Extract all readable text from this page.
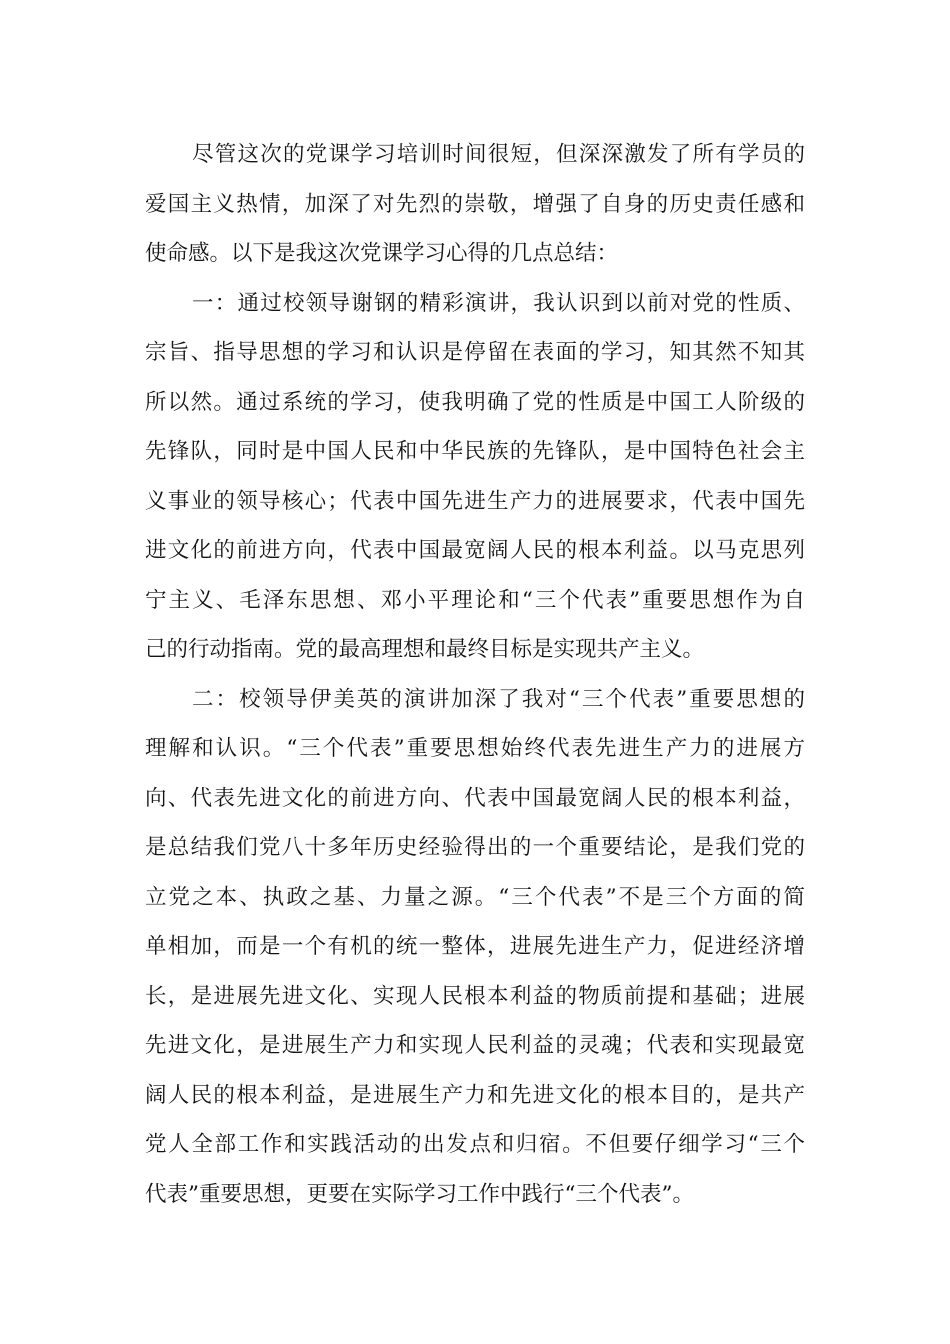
尽管这次的党课学习培训时间很短，但深深激发了所有学员的
爱国主义热情，加深了对先烈的崇敬，增强了自身的历史责任感和
使命感。以下是我这次党课学习心得的几点总结：
一：通过校领导谢钢的精彩演讲，我认识到以前对党的性质、
宗旨、指导思想的学习和认识是停留在表面的学习，知其然不知其
所以然。通过系统的学习，使我明确了党的性质是中国工人阶级的
先锋队，同时是中国人民和中华民族的先锋队，是中国特色社会主
义事业的领导核心；代表中国先进生产力的进展要求，代表中国先
进文化的前进方向，代表中国最宽阔人民的根本利益。以马克思列
宁主义、毛泽东思想、邓小平理论和“三个代表”重要思想作为自
己的行动指南。党的最高理想和最终目标是实现共产主义。
二：校领导伊美英的演讲加深了我对“三个代表”重要思想的
理解和认识。“三个代表”重要思想始终代表先进生产力的进展方
向、代表先进文化的前进方向、代表中国最宽阔人民的根本利益，
是总结我们党八十多年历史经验得出的一个重要结论，是我们党的
立党之本、执政之基、力量之源。“三个代表”不是三个方面的简
单相加，而是一个有机的统一整体，进展先进生产力，促进经济增
长，是进展先进文化、实现人民根本利益的物质前提和基础；进展
先进文化，是进展生产力和实现人民利益的灵魂；代表和实现最宽
阔人民的根本利益，是进展生产力和先进文化的根本目的，是共产
党人全部工作和实践活动的出发点和归宿。不但要仔细学习“三个
代表”重要思想，更要在实际学习工作中践行“三个代表”。
